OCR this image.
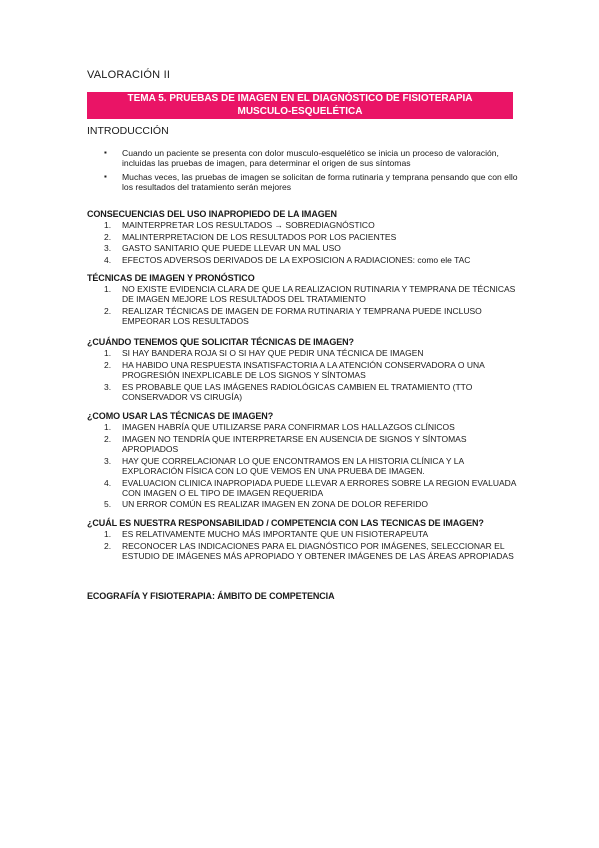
VALORACIÓN II
TEMA 5. PRUEBAS DE IMAGEN EN EL DIAGNÓSTICO DE FISIOTERAPIA
MUSCULO-ESQUELÉTICA
INTRODUCCIÓN
▪ Cuando un paciente se presenta con dolor musculo-esquelético se inicia un proceso de valoración, incluidas las pruebas de imagen, para determinar el origen de sus síntomas
▪ Muchas veces, las pruebas de imagen se solicitan de forma rutinaria y temprana pensando que con ello los resultados del tratamiento serán mejores
CONSECUENCIAS DEL USO INAPROPIEDO DE LA IMAGEN
1. MAINTERPRETAR LOS RESULTADOS → SOBREDIAGNÓSTICO
2. MALINTERPRETACION DE LOS RESULTADOS POR LOS PACIENTES
3. GASTO SANITARIO QUE PUEDE LLEVAR UN MAL USO
4. EFECTOS ADVERSOS DERIVADOS DE LA EXPOSICION A RADIACIONES: como ele TAC
TÉCNICAS DE IMAGEN Y PRONÓSTICO
1. NO EXISTE EVIDENCIA CLARA DE QUE LA REALIZACION RUTINARIA Y TEMPRANA DE TÉCNICAS DE IMAGEN MEJORE LOS RESULTADOS DEL TRATAMIENTO
2. REALIZAR TÉCNICAS DE IMAGEN DE FORMA RUTINARIA Y TEMPRANA PUEDE INCLUSO EMPEORAR LOS RESULTADOS
¿CUÁNDO TENEMOS QUE SOLICITAR TÉCNICAS DE IMAGEN?
1. SI HAY BANDERA ROJA SI O SI HAY QUE PEDIR UNA TÉCNICA DE IMAGEN
2. HA HABIDO UNA RESPUESTA INSATISFACTORIA A LA ATENCIÓN CONSERVADORA O UNA PROGRESIÓN INEXPLICABLE DE LOS SIGNOS Y SÍNTOMAS
3. ES PROBABLE QUE LAS IMÁGENES RADIOLÓGICAS CAMBIEN EL TRATAMIENTO (TTO CONSERVADOR VS CIRUGÍA)
¿COMO USAR LAS TÉCNICAS DE IMAGEN?
1. IMAGEN HABRÍA QUE UTILIZARSE PARA CONFIRMAR LOS HALLAZGOS CLÍNICOS
2. IMAGEN NO TENDRÍA QUE INTERPRETARSE EN AUSENCIA DE SIGNOS Y SÍNTOMAS APROPIADOS
3. HAY QUE CORRELACIONAR LO QUE ENCONTRAMOS EN LA HISTORIA CLÍNICA Y LA EXPLORACIÓN FÍSICA CON LO QUE VEMOS EN UNA PRUEBA DE IMAGEN.
4. EVALUACION CLINICA INAPROPIADA PUEDE LLEVAR A ERRORES SOBRE LA REGION EVALUADA CON IMAGEN O EL TIPO DE IMAGEN REQUERIDA
5. UN ERROR COMÚN ES REALIZAR IMAGEN EN ZONA DE DOLOR REFERIDO
¿CUÁL ES NUESTRA RESPONSABILIDAD / COMPETENCIA CON LAS TECNICAS DE IMAGEN?
1. ES RELATIVAMENTE MUCHO MÁS IMPORTANTE QUE UN FISIOTERAPEUTA
2. RECONOCER LAS INDICACIONES PARA EL DIAGNÓSTICO POR IMÁGENES, SELECCIONAR EL ESTUDIO DE IMÁGENES MÁS APROPIADO Y OBTENER IMÁGENES DE LAS ÁREAS APROPIADAS
ECOGRAFÍA Y FISIOTERAPIA: ÁMBITO DE COMPETENCIA
